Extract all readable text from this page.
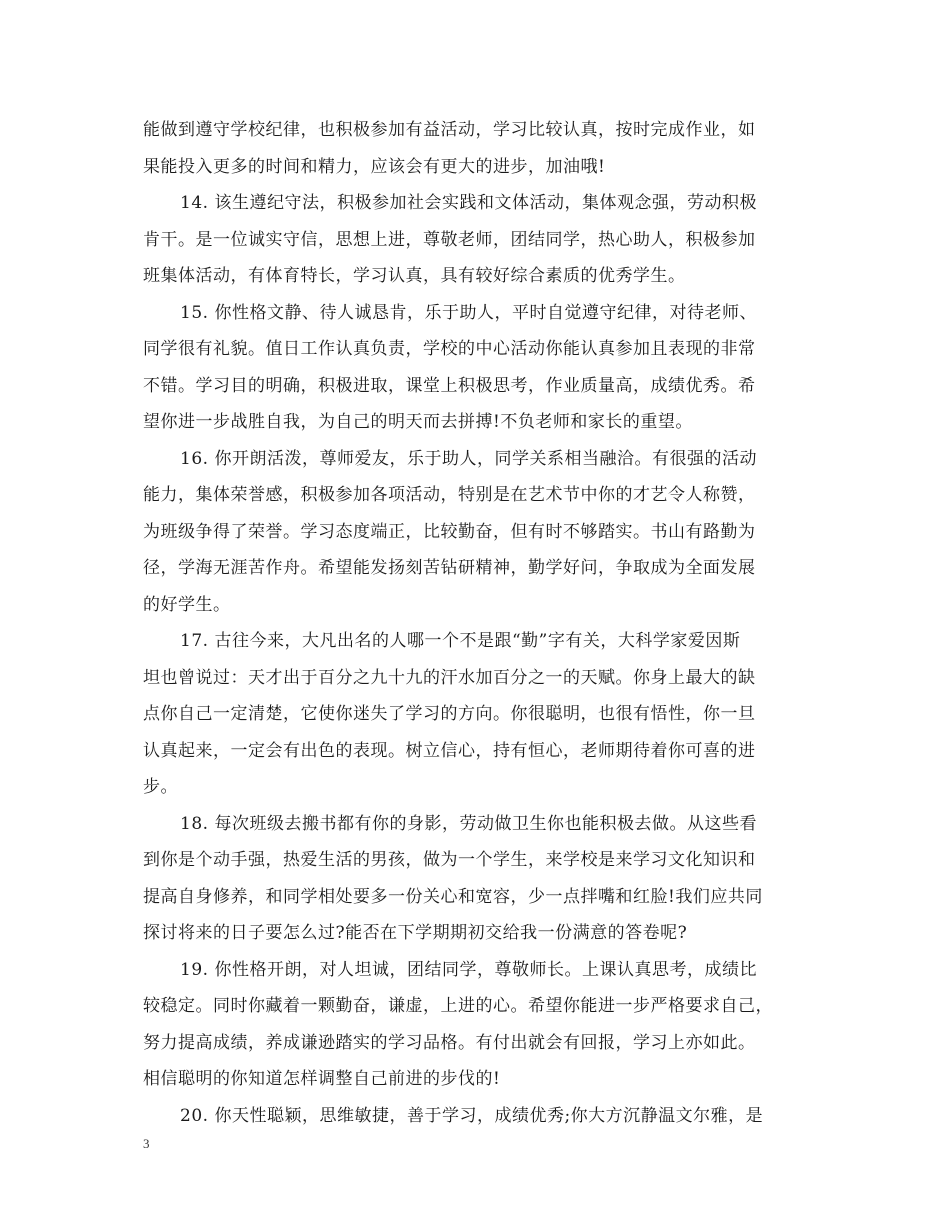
能做到遵守学校纪律，也积极参加有益活动，学习比较认真，按时完成作业，如
果能投入更多的时间和精力，应该会有更大的进步，加油哦!
14. 该生遵纪守法，积极参加社会实践和文体活动，集体观念强，劳动积极
肯干。是一位诚实守信，思想上进，尊敬老师，团结同学，热心助人，积极参加
班集体活动，有体育特长，学习认真，具有较好综合素质的优秀学生。
15. 你性格文静、待人诚恳肯，乐于助人，平时自觉遵守纪律，对待老师、
同学很有礼貌。值日工作认真负责，学校的中心活动你能认真参加且表现的非常
不错。学习目的明确，积极进取，课堂上积极思考，作业质量高，成绩优秀。希
望你进一步战胜自我，为自己的明天而去拼搏!不负老师和家长的重望。
16. 你开朗活泼，尊师爱友，乐于助人，同学关系相当融洽。有很强的活动
能力，集体荣誉感，积极参加各项活动，特别是在艺术节中你的才艺令人称赞，
为班级争得了荣誉。学习态度端正，比较勤奋，但有时不够踏实。书山有路勤为
径，学海无涯苦作舟。希望能发扬刻苦钻研精神，勤学好问，争取成为全面发展
的好学生。
17. 古往今来，大凡出名的人哪一个不是跟“勤”字有关，大科学家爱因斯
坦也曾说过：天才出于百分之九十九的汗水加百分之一的天赋。你身上最大的缺
点你自己一定清楚，它使你迷失了学习的方向。你很聪明，也很有悟性，你一旦
认真起来，一定会有出色的表现。树立信心，持有恒心，老师期待着你可喜的进
步。
18. 每次班级去搬书都有你的身影，劳动做卫生你也能积极去做。从这些看
到你是个动手强，热爱生活的男孩，做为一个学生，来学校是来学习文化知识和
提高自身修养，和同学相处要多一份关心和宽容，少一点拌嘴和红脸!我们应共同
探讨将来的日子要怎么过?能否在下学期期初交给我一份满意的答卷呢?
19. 你性格开朗，对人坦诚，团结同学，尊敬师长。上课认真思考，成绩比
较稳定。同时你藏着一颗勤奋，谦虚，上进的心。希望你能进一步严格要求自己，
努力提高成绩，养成谦逊踏实的学习品格。有付出就会有回报，学习上亦如此。
相信聪明的你知道怎样调整自己前进的步伐的!
20. 你天性聪颖，思维敏捷，善于学习，成绩优秀;你大方沉静温文尔雅，是
3
